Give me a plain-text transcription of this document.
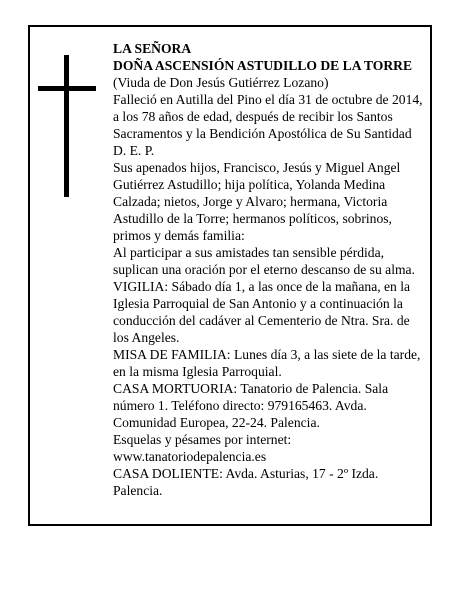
LA SEÑORA

DOÑA ASCENSIÓN ASTUDILLO DE LA TORRE

(Viuda de Don Jesús Gutiérrez Lozano)

Falleció en Autilla del Pino el día 31 de octubre de 2014, a los 78 años de edad, después de recibir los Santos Sacramentos y la Bendición Apostólica de Su Santidad

D. E. P.

Sus apenados hijos, Francisco, Jesús y Miguel Angel Gutiérrez Astudillo; hija política, Yolanda Medina Calzada; nietos, Jorge y Alvaro; hermana, Victoria Astudillo de la Torre; hermanos políticos, sobrinos, primos y demás familia:

Al participar a sus amistades tan sensible pérdida, suplican una oración por el eterno descanso de su alma.

VIGILIA: Sábado día 1, a las once de la mañana, en la Iglesia Parroquial de San Antonio y a continuación la conducción del cadáver al Cementerio de Ntra. Sra. de los Angeles.

MISA DE FAMILIA: Lunes día 3, a las siete de la tarde, en la misma Iglesia Parroquial.

CASA MORTUORIA: Tanatorio de Palencia. Sala número 1. Teléfono directo: 979165463. Avda. Comunidad Europea, 22-24. Palencia.

Esquelas y pésames por internet:

www.tanatoriodepalencia.es

CASA DOLIENTE: Avda. Asturias, 17 - 2º Izda. Palencia.
